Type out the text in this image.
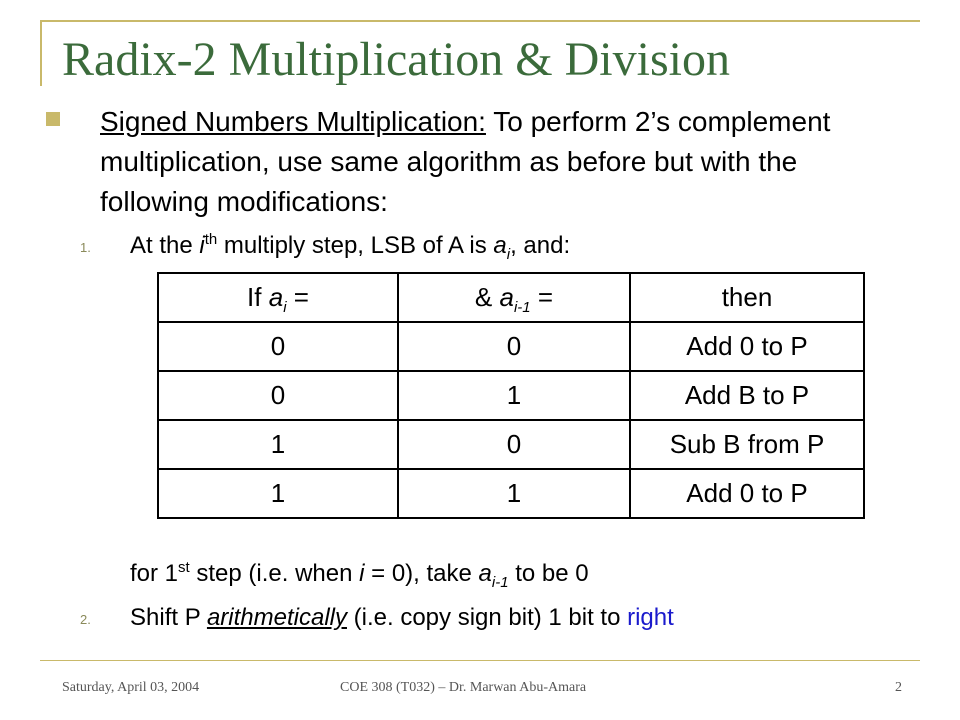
Radix-2 Multiplication & Division
Signed Numbers Multiplication: To perform 2’s complement multiplication, use same algorithm as before but with the following modifications:
1. At the $i^{th}$ multiply step, LSB of A is $a_i$, and:
If $a_i$ =	& $a_{i-1}$ =	then
0	0	Add 0 to P
0	1	Add B to P
1	0	Sub B from P
1	1	Add 0 to P
for 1st step (i.e. when i = 0), take $a_{i-1}$ to be 0
2. Shift P arithmetically (i.e. copy sign bit) 1 bit to right
Saturday, April 03, 2004	COE 308 (T032) – Dr. Marwan Abu-Amara	2
